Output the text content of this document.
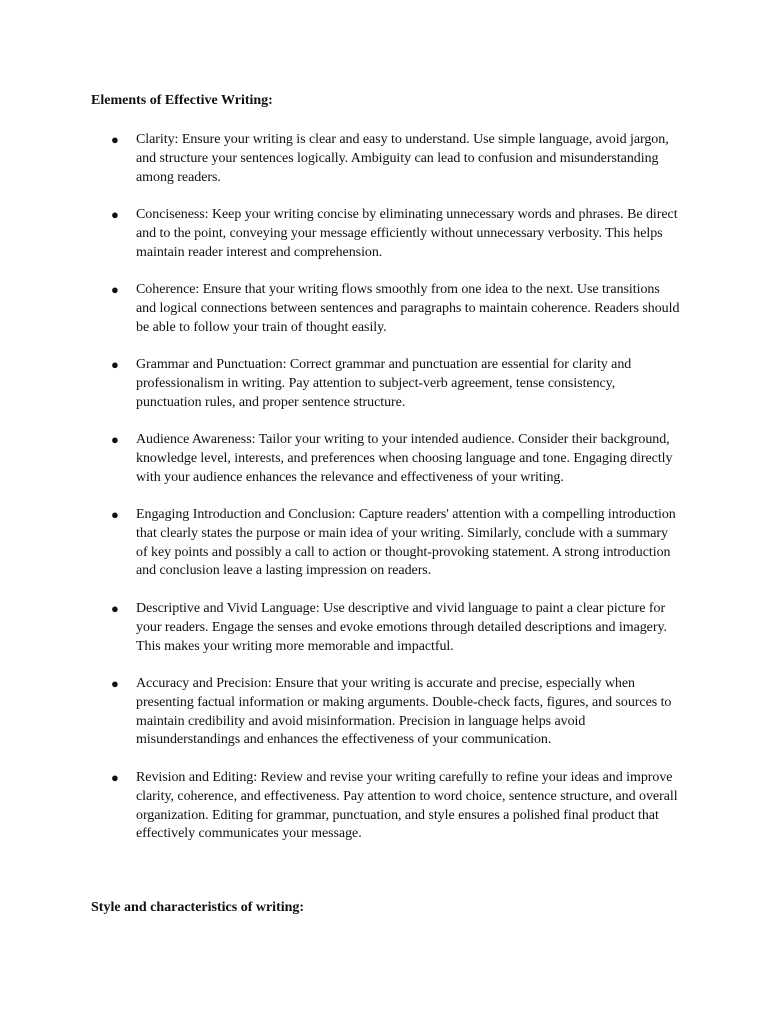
Elements of Effective Writing:
●	Clarity: Ensure your writing is clear and easy to understand. Use simple language, avoid jargon,
and structure your sentences logically. Ambiguity can lead to confusion and misunderstanding
among readers.

●	Conciseness: Keep your writing concise by eliminating unnecessary words and phrases. Be direct
and to the point, conveying your message efficiently without unnecessary verbosity. This helps
maintain reader interest and comprehension.

●	Coherence: Ensure that your writing flows smoothly from one idea to the next. Use transitions
and logical connections between sentences and paragraphs to maintain coherence. Readers should
be able to follow your train of thought easily.

●	Grammar and Punctuation: Correct grammar and punctuation are essential for clarity and
professionalism in writing. Pay attention to subject-verb agreement, tense consistency,
punctuation rules, and proper sentence structure.

●	Audience Awareness: Tailor your writing to your intended audience. Consider their background,
knowledge level, interests, and preferences when choosing language and tone. Engaging directly
with your audience enhances the relevance and effectiveness of your writing.

●	Engaging Introduction and Conclusion: Capture readers' attention with a compelling introduction
that clearly states the purpose or main idea of your writing. Similarly, conclude with a summary
of key points and possibly a call to action or thought-provoking statement. A strong introduction
and conclusion leave a lasting impression on readers.

●	Descriptive and Vivid Language: Use descriptive and vivid language to paint a clear picture for
your readers. Engage the senses and evoke emotions through detailed descriptions and imagery.
This makes your writing more memorable and impactful.

●	Accuracy and Precision: Ensure that your writing is accurate and precise, especially when
presenting factual information or making arguments. Double-check facts, figures, and sources to
maintain credibility and avoid misinformation. Precision in language helps avoid
misunderstandings and enhances the effectiveness of your communication.

●	Revision and Editing: Review and revise your writing carefully to refine your ideas and improve
clarity, coherence, and effectiveness. Pay attention to word choice, sentence structure, and overall
organization. Editing for grammar, punctuation, and style ensures a polished final product that
effectively communicates your message.

Style and characteristics of writing:
